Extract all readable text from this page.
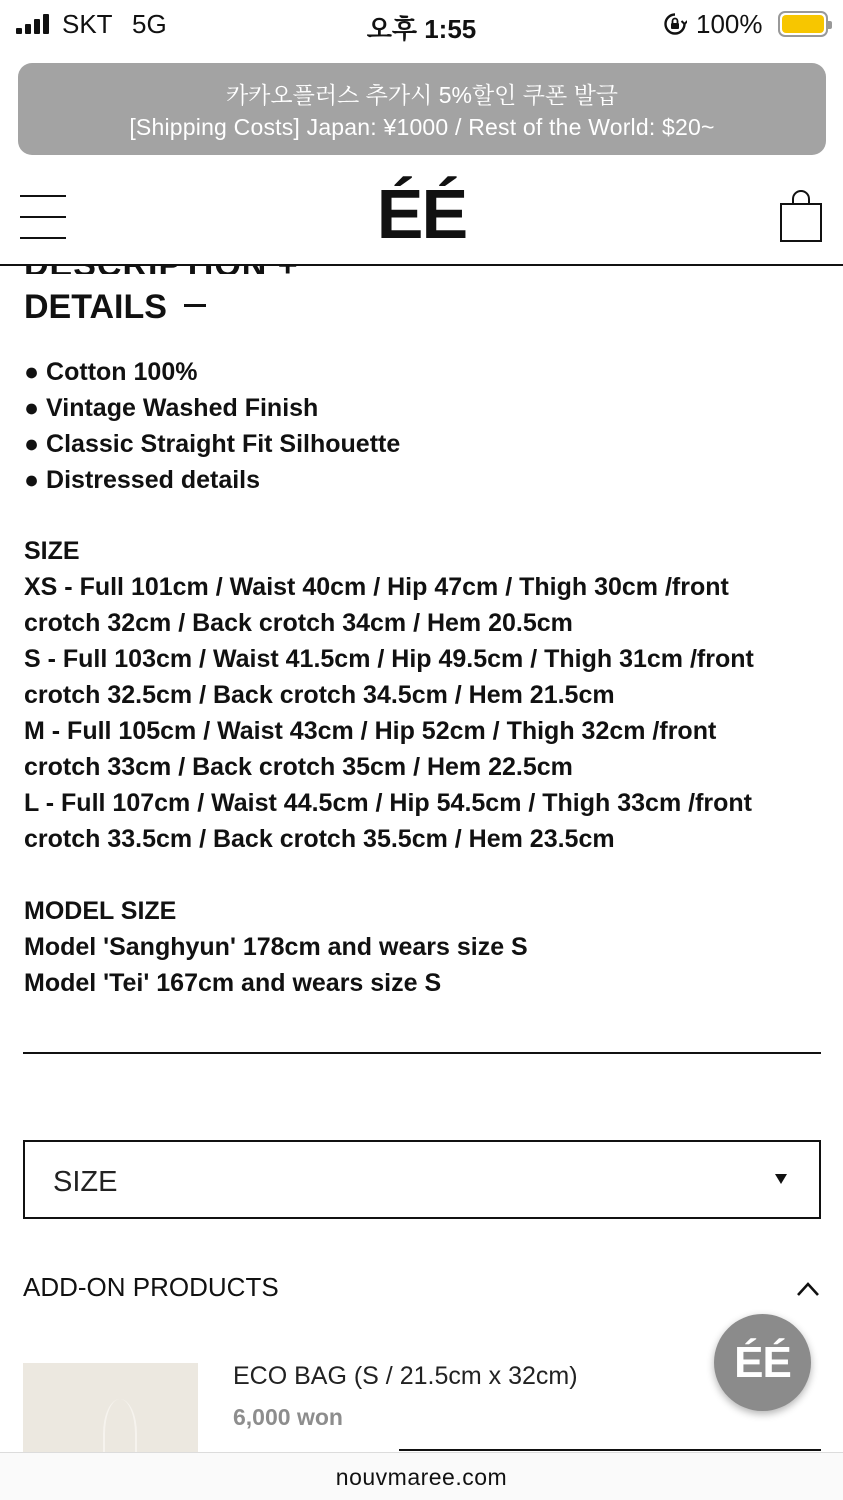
SKT 5G	오후 1:55	100%
카카오플러스 추가시 5%할인 쿠폰 발급
[Shipping Costs] Japan: ¥1000 / Rest of the World: $20~
ÉÉ
DETAILS
● Cotton 100%
● Vintage Washed Finish
● Classic Straight Fit Silhouette
● Distressed details
SIZE
XS - Full 101cm / Waist 40cm / Hip 47cm / Thigh 30cm /front
crotch 32cm / Back crotch 34cm / Hem 20.5cm
S - Full 103cm / Waist 41.5cm / Hip 49.5cm / Thigh 31cm /front
crotch 32.5cm / Back crotch 34.5cm / Hem 21.5cm
M - Full 105cm / Waist 43cm / Hip 52cm / Thigh 32cm /front
crotch 33cm / Back crotch 35cm / Hem 22.5cm
L - Full 107cm / Waist 44.5cm / Hip 54.5cm / Thigh 33cm /front
crotch 33.5cm / Back crotch 35.5cm / Hem 23.5cm
MODEL SIZE
Model 'Sanghyun' 178cm and wears size S
Model 'Tei' 167cm and wears size S
SIZE
ADD-ON PRODUCTS
ECO BAG (S / 21.5cm x 32cm)
6,000 won
ÉÉ
nouvmaree.com
